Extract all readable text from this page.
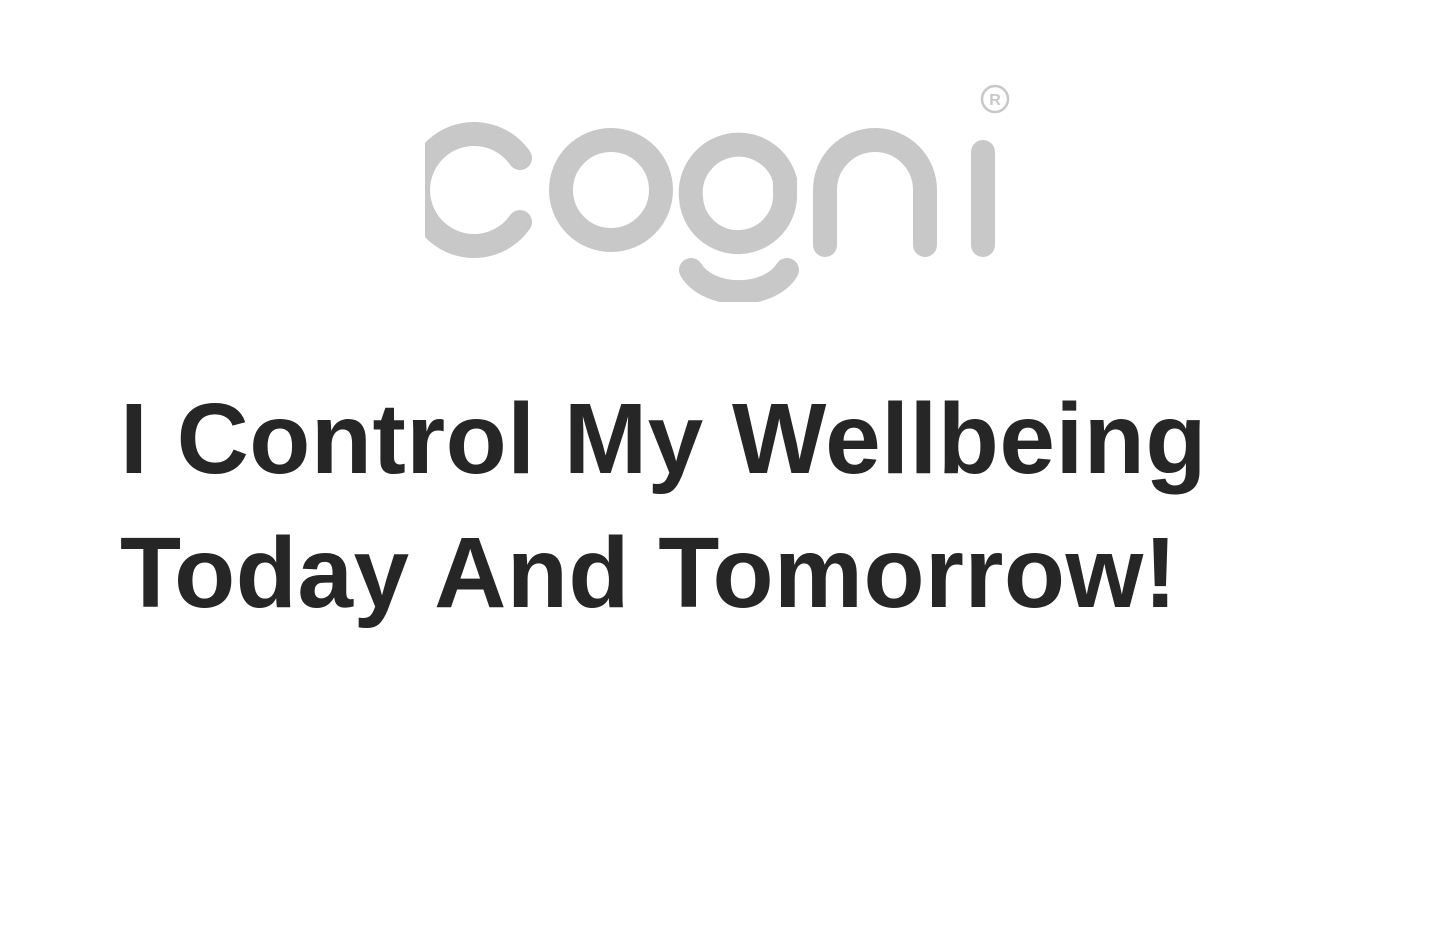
R
I Control My Wellbeing
Today And Tomorrow!
